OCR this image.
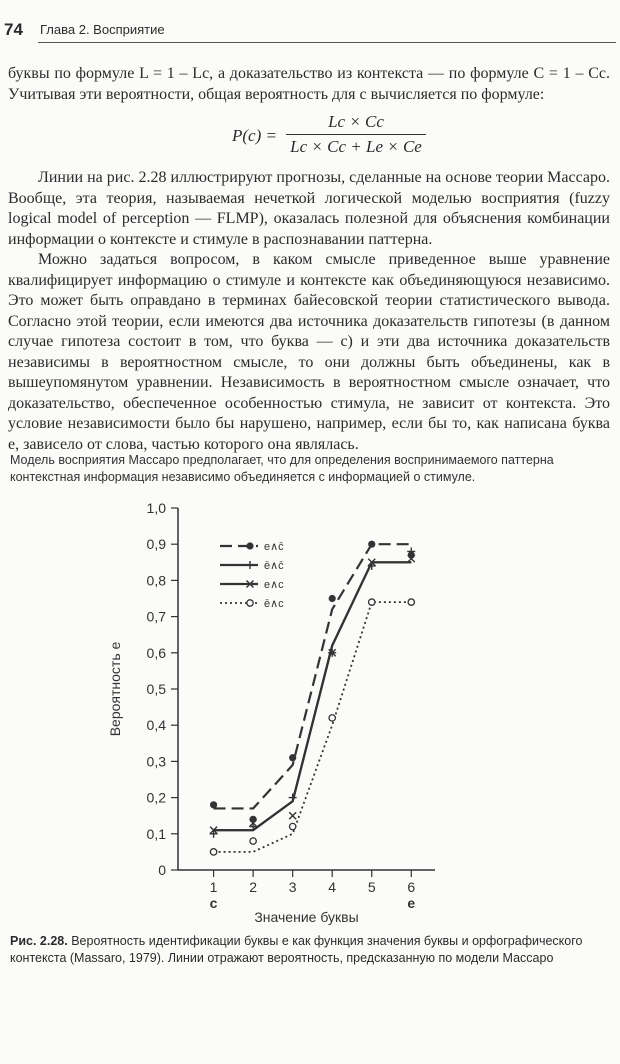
74 Глава 2. Восприятие
буквы по формуле L = 1 – Lc, а доказательство из контекста — по формуле C = 1 – Cc. Учитывая эти вероятности, общая вероятность для c вычисляется по формуле:
$P(c) = \frac{Lc \times Cc}{Lc \times Cc + Le \times Ce}$
Линии на рис. 2.28 иллюстрируют прогнозы, сделанные на основе теории Массаро. Вообще, эта теория, называемая нечеткой логической моделью восприятия (fuzzy logical model of perception — FLMP), оказалась полезной для объяснения комбинации информации о контексте и стимуле в распознавании паттерна.
Можно задаться вопросом, в каком смысле приведенное выше уравнение квалифицирует информацию о стимуле и контексте как объединяющуюся независимо. Это может быть оправдано в терминах байесовской теории статистического вывода. Согласно этой теории, если имеются два источника доказательств гипотезы (в данном случае гипотеза состоит в том, что буква — c) и эти два источника доказательств независимы в вероятностном смысле, то они должны быть объединены, как в вышеупомянутом уравнении. Независимость в вероятностном смысле означает, что доказательство, обеспеченное особенностью стимула, не зависит от контекста. Это условие независимости было бы нарушено, например, если бы то, как написана буква e, зависело от слова, частью которого она являлась.
Модель восприятия Массаро предполагает, что для определения воспринимаемого паттерна контекстная информация независимо объединяется с информацией о стимуле.
0
0,1
0,2
0,3
0,4
0,5
0,6
0,7
0,8
0,9
1,0
1
c
2 3 4 5 6
e
Значение буквы
Вероятность e
e∧c̄
ē∧c̄
e∧c
ē∧c
Рис. 2.28. Вероятность идентификации буквы e как функция значения буквы и орфографического контекста (Massaro, 1979). Линии отражают вероятность, предсказанную по модели Массаро
